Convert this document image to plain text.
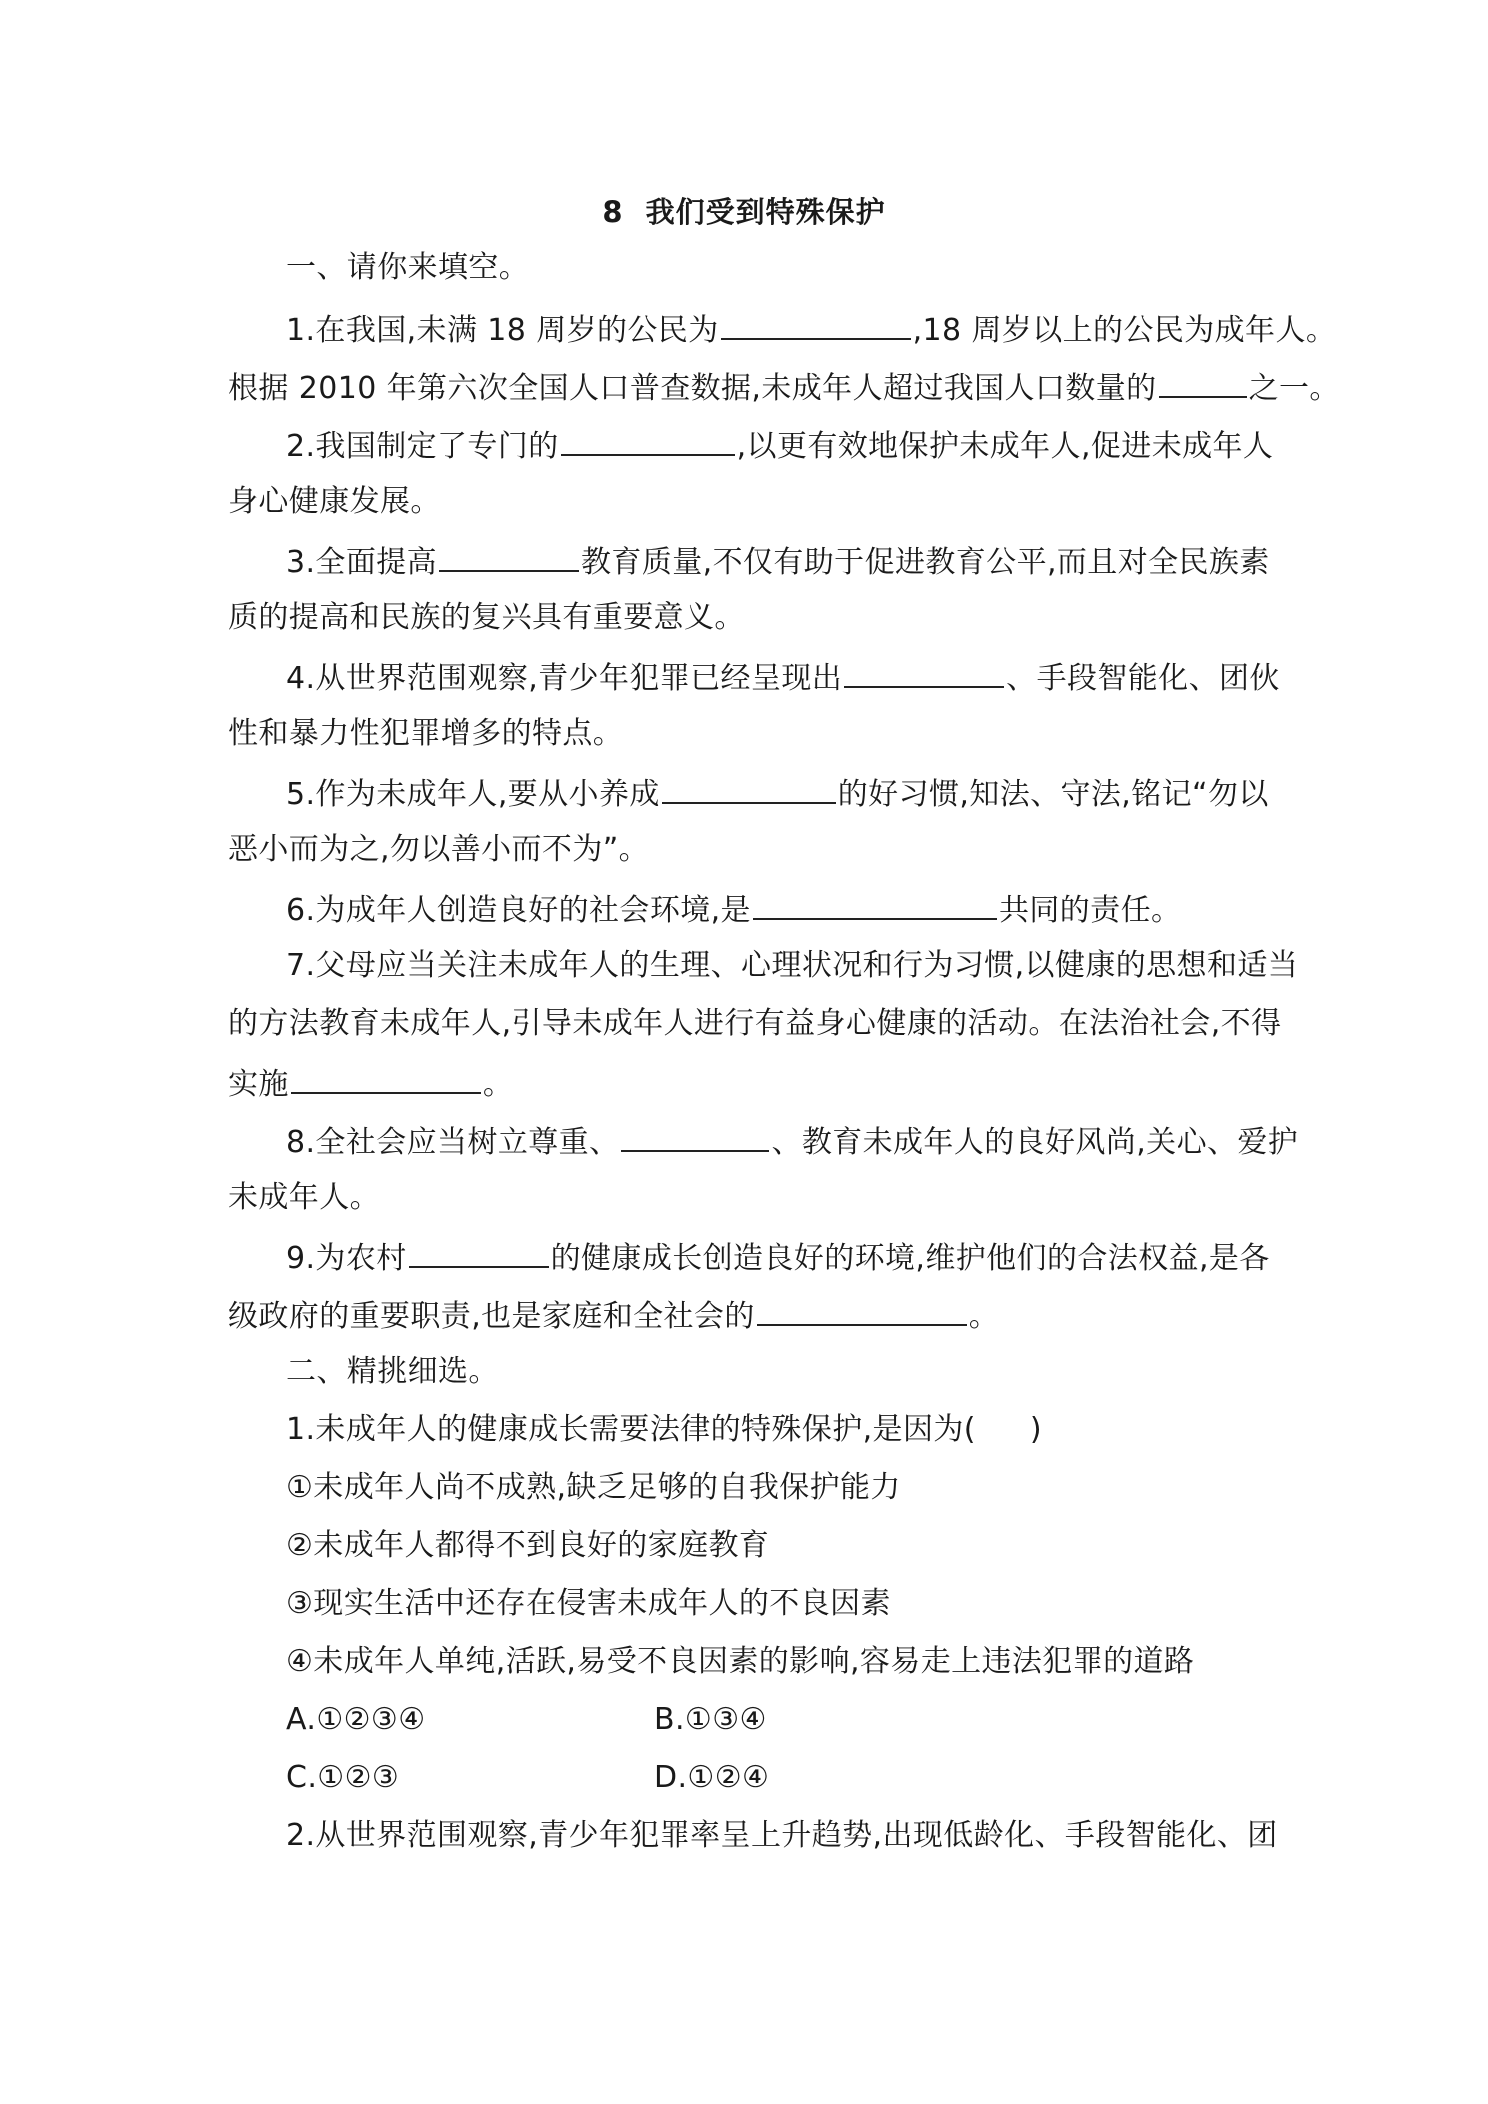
8 我们受到特殊保护
一、请你来填空。
1.在我国,未满 18 周岁的公民为	,18 周岁以上的公民为成年人。
根据 2010 年第六次全国人口普查数据,未成年人超过我国人口数量的	之一。
2.我国制定了专门的	,以更有效地保护未成年人,促进未成年人
身心健康发展。
3.全面提高	教育质量,不仅有助于促进教育公平,而且对全民族素
质的提高和民族的复兴具有重要意义。
4.从世界范围观察,青少年犯罪已经呈现出	、手段智能化、团伙
性和暴力性犯罪增多的特点。
5.作为未成年人,要从小养成	的好习惯,知法、守法,铭记“勿以
恶小而为之,勿以善小而不为”。
6.为成年人创造良好的社会环境,是	共同的责任。
7.父母应当关注未成年人的生理、心理状况和行为习惯,以健康的思想和适当
的方法教育未成年人,引导未成年人进行有益身心健康的活动。在法治社会,不得
实施	。
8.全社会应当树立尊重、	、教育未成年人的良好风尚,关心、爱护
未成年人。
9.为农村	的健康成长创造良好的环境,维护他们的合法权益,是各
级政府的重要职责,也是家庭和全社会的	。
二、精挑细选。
1.未成年人的健康成长需要法律的特殊保护,是因为( )
①未成年人尚不成熟,缺乏足够的自我保护能力
②未成年人都得不到良好的家庭教育
③现实生活中还存在侵害未成年人的不良因素
④未成年人单纯,活跃,易受不良因素的影响,容易走上违法犯罪的道路
A.①②③④	B.①③④
C.①②③	D.①②④
2.从世界范围观察,青少年犯罪率呈上升趋势,出现低龄化、手段智能化、团
